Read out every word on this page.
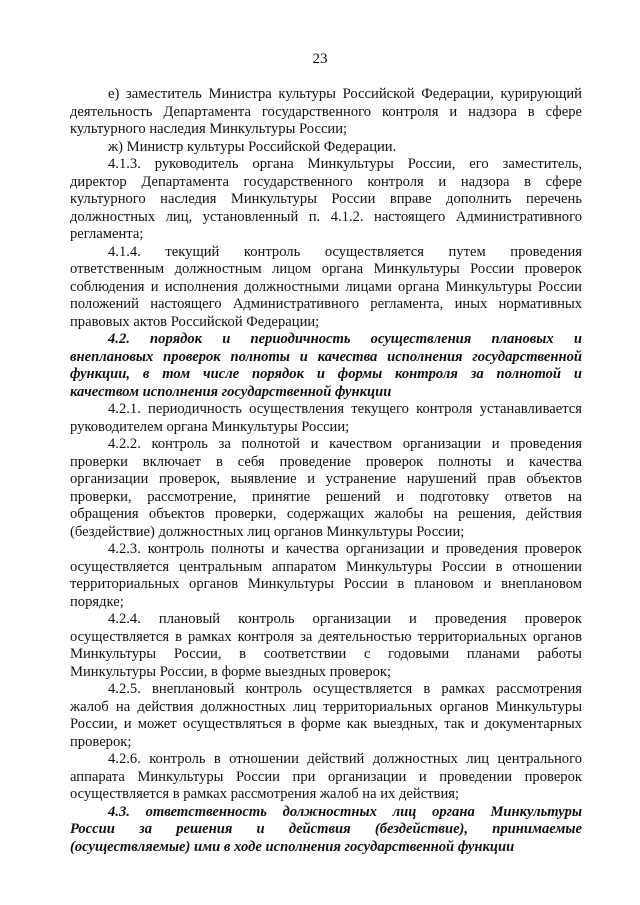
23
е) заместитель Министра культуры Российской Федерации, курирующий
деятельность Департамента государственного контроля и надзора в сфере
культурного наследия Минкультуры России;
ж) Министр культуры Российской Федерации.
4.1.3. руководитель органа Минкультуры России, его заместитель,
директор Департамента государственного контроля и надзора в сфере
культурного наследия Минкультуры России вправе дополнить перечень
должностных лиц, установленный п. 4.1.2. настоящего Административного
регламента;
4.1.4. текущий контроль осуществляется путем проведения
ответственным должностным лицом органа Минкультуры России проверок
соблюдения и исполнения должностными лицами органа Минкультуры России
положений настоящего Административного регламента, иных нормативных
правовых актов Российской Федерации;
4.2. порядок и периодичность осуществления плановых и
внеплановых проверок полноты и качества исполнения государственной
функции, в том числе порядок и формы контроля за полнотой и
качеством исполнения государственной функции
4.2.1. периодичность осуществления текущего контроля устанавливается
руководителем органа Минкультуры России;
4.2.2. контроль за полнотой и качеством организации и проведения
проверки включает в себя проведение проверок полноты и качества
организации проверок, выявление и устранение нарушений прав объектов
проверки, рассмотрение, принятие решений и подготовку ответов на
обращения объектов проверки, содержащих жалобы на решения, действия
(бездействие) должностных лиц органов Минкультуры России;
4.2.3. контроль полноты и качества организации и проведения проверок
осуществляется центральным аппаратом Минкультуры России в отношении
территориальных органов Минкультуры России в плановом и внеплановом
порядке;
4.2.4. плановый контроль организации и проведения проверок
осуществляется в рамках контроля за деятельностью территориальных органов
Минкультуры России, в соответствии с годовыми планами работы
Минкультуры России, в форме выездных проверок;
4.2.5. внеплановый контроль осуществляется в рамках рассмотрения
жалоб на действия должностных лиц территориальных органов Минкультуры
России, и может осуществляться в форме как выездных, так и документарных
проверок;
4.2.6. контроль в отношении действий должностных лиц центрального
аппарата Минкультуры России при организации и проведении проверок
осуществляется в рамках рассмотрения жалоб на их действия;
4.3. ответственность должностных лиц органа Минкультуры
России за решения и действия (бездействие), принимаемые
(осуществляемые) ими в ходе исполнения государственной функции
